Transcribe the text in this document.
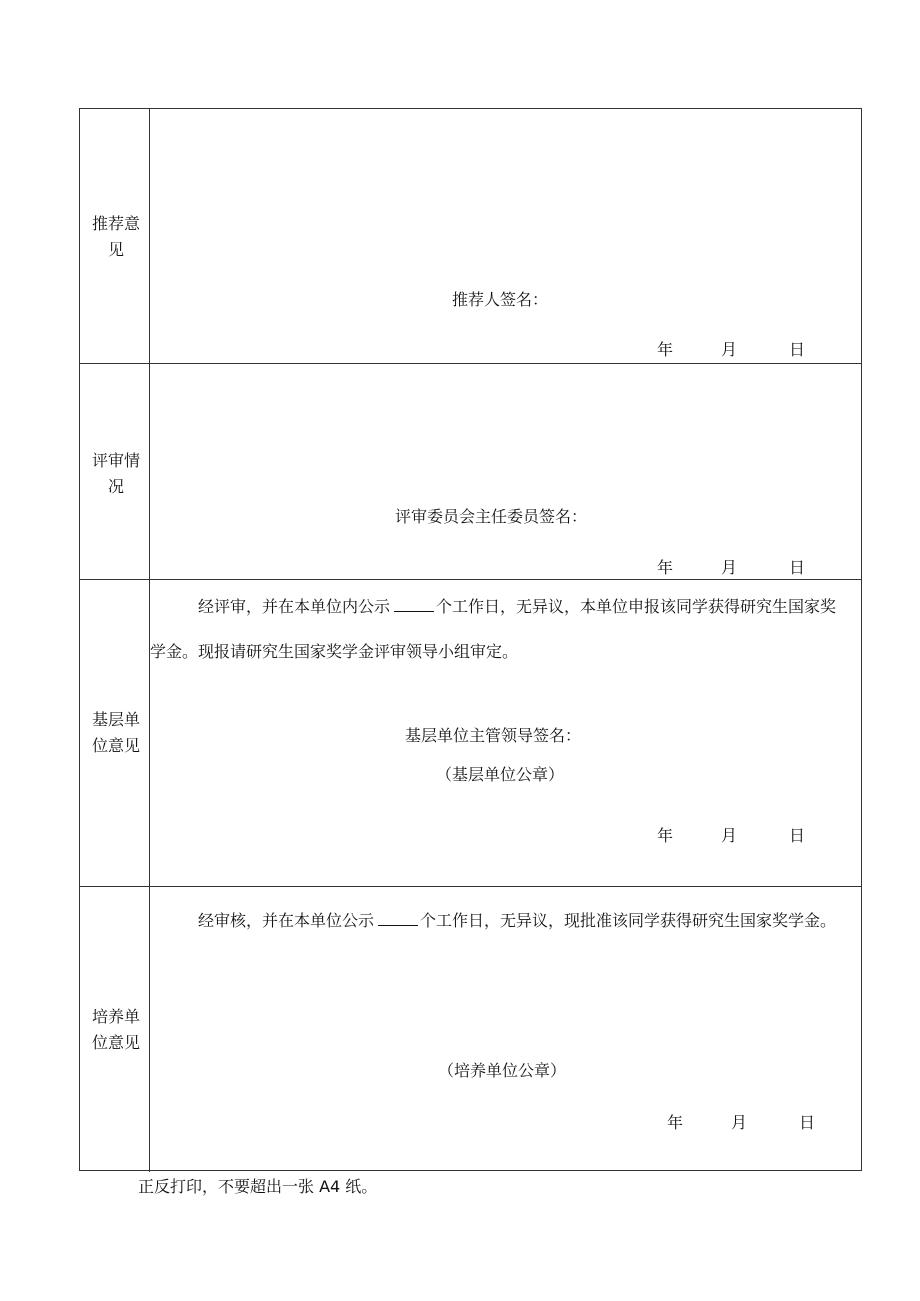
推荐意见
推荐人签名：
年	月	日
评审情况
评审委员会主任委员签名：
年	月	日
基层单位意见
经评审，并在本单位内公示	个工作日，无异议，本单位申报该同学获得研究生国家奖学金。现报请研究生国家奖学金评审领导小组审定。
基层单位主管领导签名：
（基层单位公章）
年	月	日
培养单位意见
经审核，并在本单位公示	个工作日，无异议，现批准该同学获得研究生国家奖学金。
（培养单位公章）
年	月	日
正反打印，不要超出一张 A4 纸。
